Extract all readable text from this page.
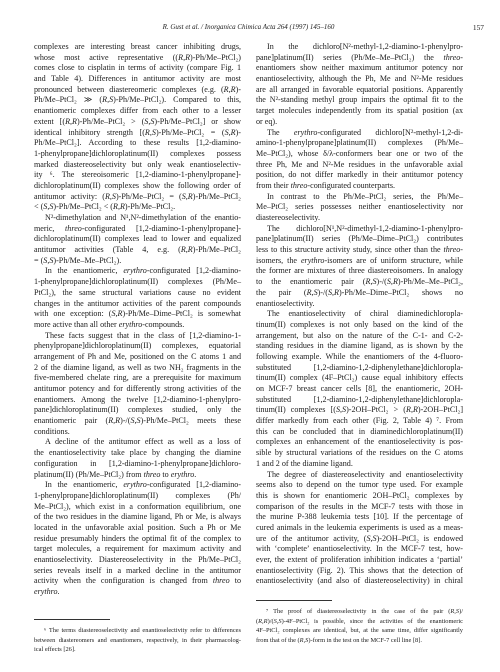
R. Gust et al. / Inorganica Chimica Acta 264 (1997) 145–160	157
complexes are interesting breast cancer inhibiting drugs,
whose most active representative ((R,R)-Ph/Me–PtCl₂)
comes close to cisplatin in terms of activity (compare Fig. 1
and Table 4). Differences in antitumor activity are most
pronounced between diastereomeric complexes (e.g. (R,R)-
Ph/Me–PtCl₂ ≫ (R,S)-Ph/Me–PtCl₂). Compared to this,
enantiomeric complexes differ from each other to a lesser
extent [(R,R)-Ph/Me–PtCl₂ > (S,S)-Ph/Me–PtCl₂] or show
identical inhibitory strength [(R,S)-Ph/Me–PtCl₂ = (S,R)-
Ph/Me–PtCl₂]. According to these results [1,2-diamino-
1-phenylpropane]dichloroplatinum(II) complexes possess
marked diastereoselectivity but only weak enantioselectiv-
ity ⁶. The stereoisomeric [1,2-diamino-1-phenylpropane]-
dichloroplatinum(II) complexes show the following order of
antitumor activity: (R,S)-Ph/Me–PtCl₂ = (S,R)-Ph/Me–PtCl₂
< (S,S)-Ph/Me–PtCl₂ < (R,R)-Ph/Me–PtCl₂.
N²-dimethylation and N¹,N²-dimethylation of the enantio-
meric, threo-configurated [1,2-diamino-1-phenylpropane]-
dichloroplatinum(II) complexes lead to lower and equalized
antitumor activities (Table 4, e.g. (R,R)-Ph/Me–PtCl₂
= (S,S)-Ph/Me–Me–PtCl₂).
In the enantiomeric, erythro-configurated [1,2-diamino-
1-phenylpropane]dichloroplatinum(II) complexes (Ph/Me–
PtCl₂), the same structural variations cause no evident
changes in the antitumor activities of the parent compounds
with one exception: (S,R)-Ph/Me–Dime–PtCl₂ is somewhat
more active than all other erythro-compounds.
These facts suggest that in the class of [1,2-diamino-1-
phenylpropane]dichloroplatinum(II) complexes, equatorial
arrangement of Ph and Me, positioned on the C atoms 1 and
2 of the diamine ligand, as well as two NH₂ fragments in the
five-membered chelate ring, are a prerequisite for maximum
antitumor potency and for differently strong activities of the
enantiomers. Among the twelve [1,2-diamino-1-phenylpro-
pane]dichloroplatinum(II) complexes studied, only the
enantiomeric pair (R,R)-/(S,S)-Ph/Me–PtCl₂ meets these
conditions.
A decline of the antitumor effect as well as a loss of
the enantioselectivity take place by changing the diamine
configuration in [1,2-diamino-1-phenylpropane]dichloro-
platinum(II) (Ph/Me–PtCl₂) from threo to erythro.
In the enantiomeric, erythro-configurated [1,2-diamino-
1-phenylpropane]dichloroplatinum(II) complexes (Ph/
Me–PtCl₂), which exist in a conformation equilibrium, one
of the two residues in the diamine ligand, Ph or Me, is always
located in the unfavorable axial position. Such a Ph or Me
residue presumably hinders the optimal fit of the complex to
target molecules, a requirement for maximum activity and
enantioselectivity. Diastereoselectivity in the Ph/Me–PtCl₂
series reveals itself in a marked decline in the antitumor
activity when the configuration is changed from threo to
erythro.
In the dichloro[N²-methyl-1,2-diamino-1-phenylpro-
pane]platinum(II) series (Ph/Me–Me–PtCl₂) the threo-
enantiomers show neither maximum antitumor potency nor
enantioselectivity, although the Ph, Me and N²-Me residues
are all arranged in favorable equatorial positions. Apparently
the N²-standing methyl group impairs the optimal fit to the
target molecules independently from its spatial position (ax
or eq).
The erythro-configurated dichloro[N²-methyl-1,2-di-
amino-1-phenylpropane]platinum(II) complexes (Ph/Me–
Me–PtCl₂), whose δ/λ-conformers bear one or two of the
three Ph, Me and N²-Me residues in the unfavorable axial
position, do not differ markedly in their antitumor potency
from their threo-configurated counterparts.
In contrast to the Ph/Me–PtCl₂ series, the Ph/Me–
Me–PtCl₂ series possesses neither enantioselectivity nor
diastereoselectivity.
The dichloro[N¹,N²-dimethyl-1,2-diamino-1-phenylpro-
pane]platinum(II) series (Ph/Me–Dime–PtCl₂) contributes
less to this structure activity study, since other than the threo-
isomers, the erythro-isomers are of uniform structure, while
the former are mixtures of three diastereoisomers. In analogy
to the enantiomeric pair (R,S)-/(S,R)-Ph/Me–Me–PtCl₂,
the pair (R,S)-/(S,R)-Ph/Me–Dime–PtCl₂ shows no
enantioselectivity.
The enantioselectivity of chiral diaminedichloropla-
tinum(II) complexes is not only based on the kind of the
arrangement, but also on the nature of the C-1- and C-2-
standing residues in the diamine ligand, as is shown by the
following example. While the enantiomers of the 4-fluoro-
substituted [1,2-diamino-1,2-diphenylethane]dichloropla-
tinum(II) complex (4F–PtCl₂) cause equal inhibitory effects
on MCF-7 breast cancer cells [8], the enantiomeric, 2OH-
substituted [1,2-diamino-1,2-diphenylethane]dichloropla-
tinum(II) complexes [(S,S)-2OH–PtCl₂ > (R,R)-2OH–PtCl₂]
differ markedly from each other (Fig. 2, Table 4) ⁷. From
this can be concluded that in diaminedichloroplatinum(II)
complexes an enhancement of the enantioselectivity is pos-
sible by structural variations of the residues on the C atoms
1 and 2 of the diamine ligand.
The degree of diastereoselectivity and enantioselectivity
seems also to depend on the tumor type used. For example
this is shown for enantiomeric 2OH–PtCl₂ complexes by
comparison of the results in the MCF-7 tests with those in
the murine P-388 leukemia tests [10]. If the percentage of
cured animals in the leukemia experiments is used as a meas-
ure of the antitumor activity, (S,S)-2OH–PtCl₂ is endowed
with ‘complete’ enantioselectivity. In the MCF-7 test, how-
ever, the extent of proliferation inhibition indicates a ‘partial’
enantioselectivity (Fig. 2). This shows that the detection of
enantioselectivity (and also of diastereoselectivity) in chiral
⁶ The terms diastereoselectivity and enantioselectivity refer to differences
between diastereomers and enantiomers, respectively, in their pharmacolog-
ical effects [26].
⁷ The proof of diastereoselectivity in the case of the pair (R,S)/
(R,R)/(S,S)-4F–PtCl₂ is possible, since the activities of the enantiomeric
4F–PtCl₂ complexes are identical, but, at the same time, differ significantly
from that of the (R,S)-form in the test on the MCF-7 cell line [8].
